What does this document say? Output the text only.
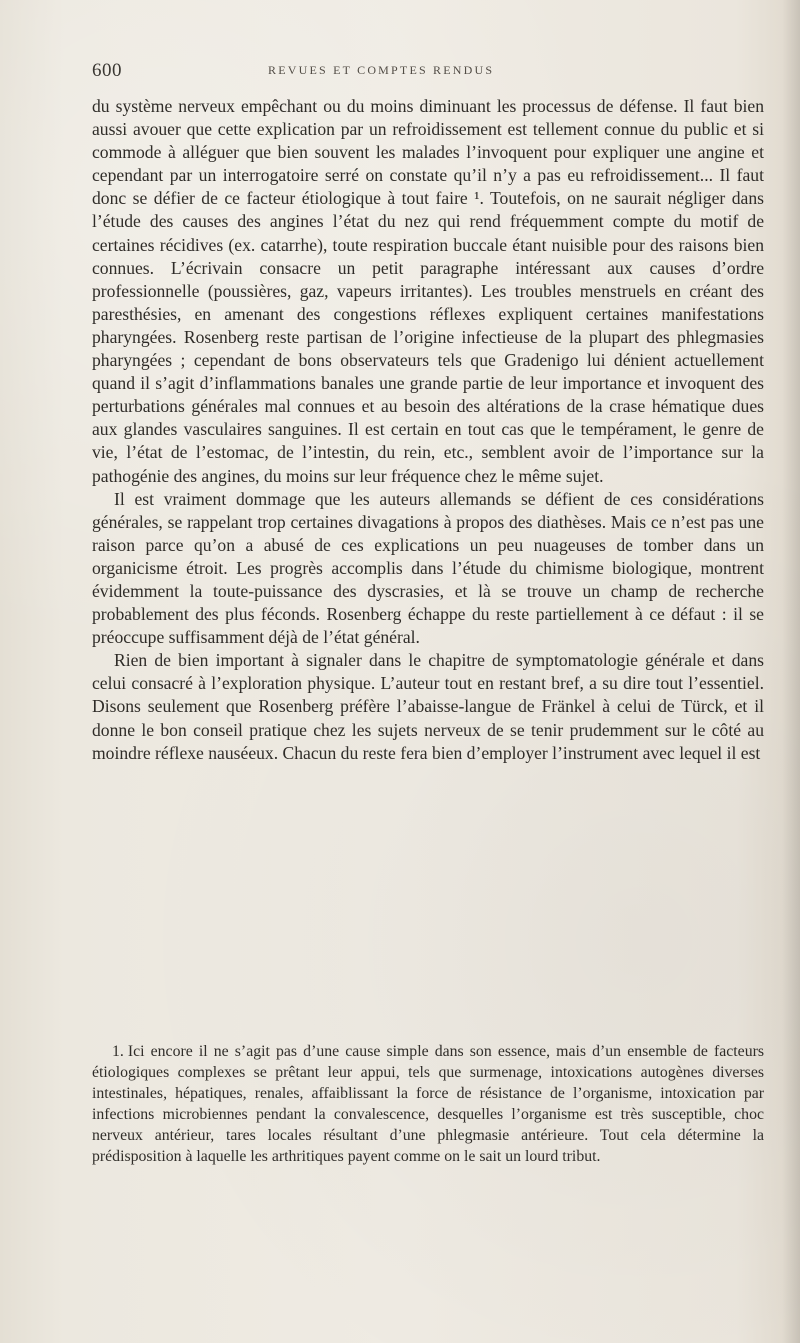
600	REVUES ET COMPTES RENDUS

du système nerveux empêchant ou du moins diminuant les processus de défense. Il faut bien aussi avouer que cette explication par un refroidissement est tellement connue du public et si commode à alléguer que bien souvent les malades l’invoquent pour expliquer une angine et cependant par un interrogatoire serré on constate qu’il n’y a pas eu refroidissement... Il faut donc se défier de ce facteur étiologique à tout faire ¹. Toutefois, on ne saurait négliger dans l’étude des causes des angines l’état du nez qui rend fréquemment compte du motif de certaines récidives (ex. catarrhe), toute respiration buccale étant nuisible pour des raisons bien connues. L’écrivain consacre un petit paragraphe intéressant aux causes d’ordre professionnelle (poussières, gaz, vapeurs irritantes). Les troubles menstruels en créant des paresthésies, en amenant des congestions réflexes expliquent certaines manifestations pharyngées. Rosenberg reste partisan de l’origine infectieuse de la plupart des phlegmasies pharyngées ; cependant de bons observateurs tels que Gradenigo lui dénient actuellement quand il s’agit d’inflammations banales une grande partie de leur importance et invoquent des perturbations générales mal connues et au besoin des altérations de la crase hématique dues aux glandes vasculaires sanguines. Il est certain en tout cas que le tempérament, le genre de vie, l’état de l’estomac, de l’intestin, du rein, etc., semblent avoir de l’importance sur la pathogénie des angines, du moins sur leur fréquence chez le même sujet.

Il est vraiment dommage que les auteurs allemands se défient de ces considérations générales, se rappelant trop certaines divagations à propos des diathèses. Mais ce n’est pas une raison parce qu’on a abusé de ces explications un peu nuageuses de tomber dans un organicisme étroit. Les progrès accomplis dans l’étude du chimisme biologique, montrent évidemment la toute-puissance des dyscrasies, et là se trouve un champ de recherche probablement des plus féconds. Rosenberg échappe du reste partiellement à ce défaut : il se préoccupe suffisamment déjà de l’état général.

Rien de bien important à signaler dans le chapitre de symptomatologie générale et dans celui consacré à l’exploration physique. L’auteur tout en restant bref, a su dire tout l’essentiel. Disons seulement que Rosenberg préfère l’abaisse-langue de Fränkel à celui de Türck, et il donne le bon conseil pratique chez les sujets nerveux de se tenir prudemment sur le côté au moindre réflexe nauséeux. Chacun du reste fera bien d’employer l’instrument avec lequel il est

1. Ici encore il ne s’agit pas d’une cause simple dans son essence, mais d’un ensemble de facteurs étiologiques complexes se prêtant leur appui, tels que surmenage, intoxications autogènes diverses intestinales, hépatiques, renales, affaiblissant la force de résistance de l’organisme, intoxication par infections microbiennes pendant la convalescence, desquelles l’organisme est très susceptible, choc nerveux antérieur, tares locales résultant d’une phlegmasie antérieure. Tout cela détermine la prédisposition à laquelle les arthritiques payent comme on le sait un lourd tribut.
